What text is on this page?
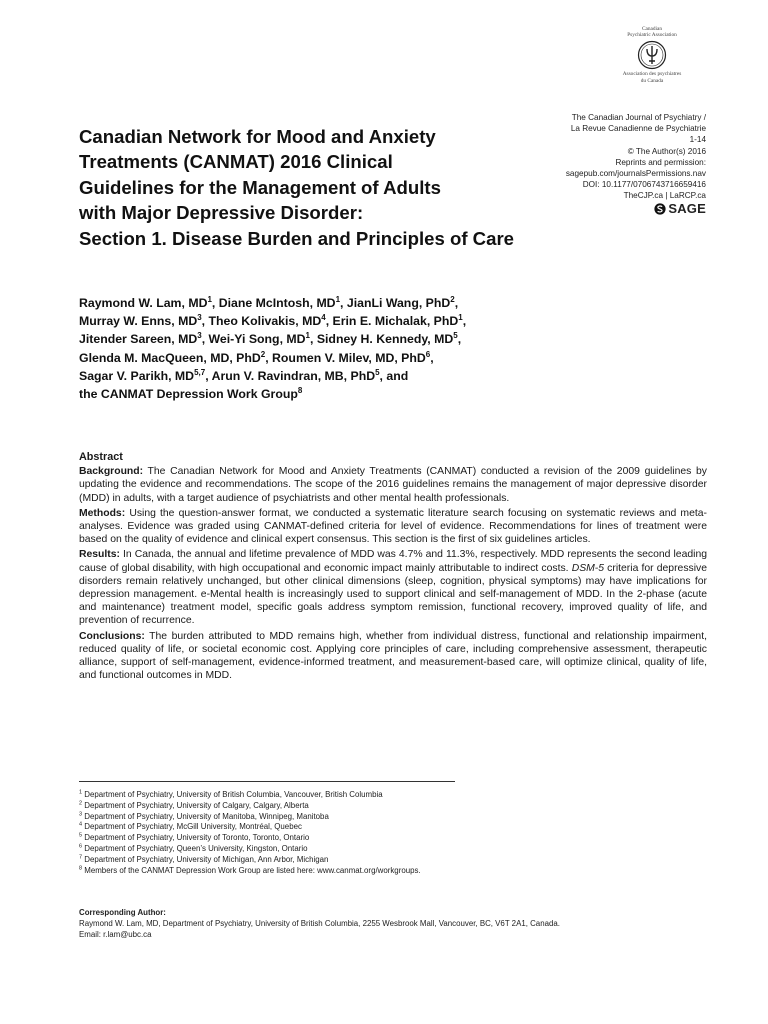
Canadian
Psychiatric Association
Association des psychiatres
du Canada
The Canadian Journal of Psychiatry /
La Revue Canadienne de Psychiatrie
1-14
© The Author(s) 2016
Reprints and permission:
sagepub.com/journalsPermissions.nav
DOI: 10.1177/0706743716659416
TheCJP.ca | LaRCP.ca
SAGE
Canadian Network for Mood and Anxiety
Treatments (CANMAT) 2016 Clinical
Guidelines for the Management of Adults
with Major Depressive Disorder:
Section 1. Disease Burden and Principles of Care
Raymond W. Lam, $MD^1$, Diane McIntosh, $MD^1$, JianLi Wang, PhD$^2$,
Murray W. Enns, $MD^3$, Theo Kolivakis, $MD^4$, Erin E. Michalak, PhD$^1$,
Jitender Sareen, $MD^3$, Wei-Yi Song, $MD^1$, Sidney H. Kennedy, $MD^5$,
Glenda M. MacQueen, MD, PhD$^2$, Roumen V. Milev, MD, PhD$^6$,
Sagar V. Parikh, MD$^{5,7}$, Arun V. Ravindran, MB, PhD$^5$, and
the CANMAT Depression Work Group$^8$
Abstract

Background: The Canadian Network for Mood and Anxiety Treatments (CANMAT) conducted a revision of the 2009 guidelines by updating the evidence and recommendations. The scope of the 2016 guidelines remains the management of major depressive disorder (MDD) in adults, with a target audience of psychiatrists and other mental health professionals.

Methods: Using the question-answer format, we conducted a systematic literature search focusing on systematic reviews and meta-analyses. Evidence was graded using CANMAT-defined criteria for level of evidence. Recommendations for lines of treatment were based on the quality of evidence and clinical expert consensus. This section is the first of six guidelines articles.

Results: In Canada, the annual and lifetime prevalence of MDD was 4.7% and 11.3%, respectively. MDD represents the second leading cause of global disability, with high occupational and economic impact mainly attributable to indirect costs. DSM-5 criteria for depressive disorders remain relatively unchanged, but other clinical dimensions (sleep, cognition, physical symptoms) may have implications for depression management. e-Mental health is increasingly used to support clinical and self-management of MDD. In the 2-phase (acute and maintenance) treatment model, specific goals address symptom remission, functional recovery, improved quality of life, and prevention of recurrence.

Conclusions: The burden attributed to MDD remains high, whether from individual distress, functional and relationship impairment, reduced quality of life, or societal economic cost. Applying core principles of care, including comprehensive assessment, therapeutic alliance, support of self-management, evidence-informed treatment, and measurement-based care, will optimize clinical, quality of life, and functional outcomes in MDD.

$^1$ Department of Psychiatry, University of British Columbia, Vancouver, British Columbia
$^2$ Department of Psychiatry, University of Calgary, Calgary, Alberta
$^3$ Department of Psychiatry, University of Manitoba, Winnipeg, Manitoba
$^4$ Department of Psychiatry, McGill University, Montréal, Quebec
$^5$ Department of Psychiatry, University of Toronto, Toronto, Ontario
$^6$ Department of Psychiatry, Queen’s University, Kingston, Ontario
$^7$ Department of Psychiatry, University of Michigan, Ann Arbor, Michigan
$^8$ Members of the CANMAT Depression Work Group are listed here: www.canmat.org/workgroups.
Corresponding Author:
Raymond W. Lam, MD, Department of Psychiatry, University of British Columbia, 2255 Wesbrook Mall, Vancouver, BC, V6T 2A1, Canada.
Email: r.lam@ubc.ca
